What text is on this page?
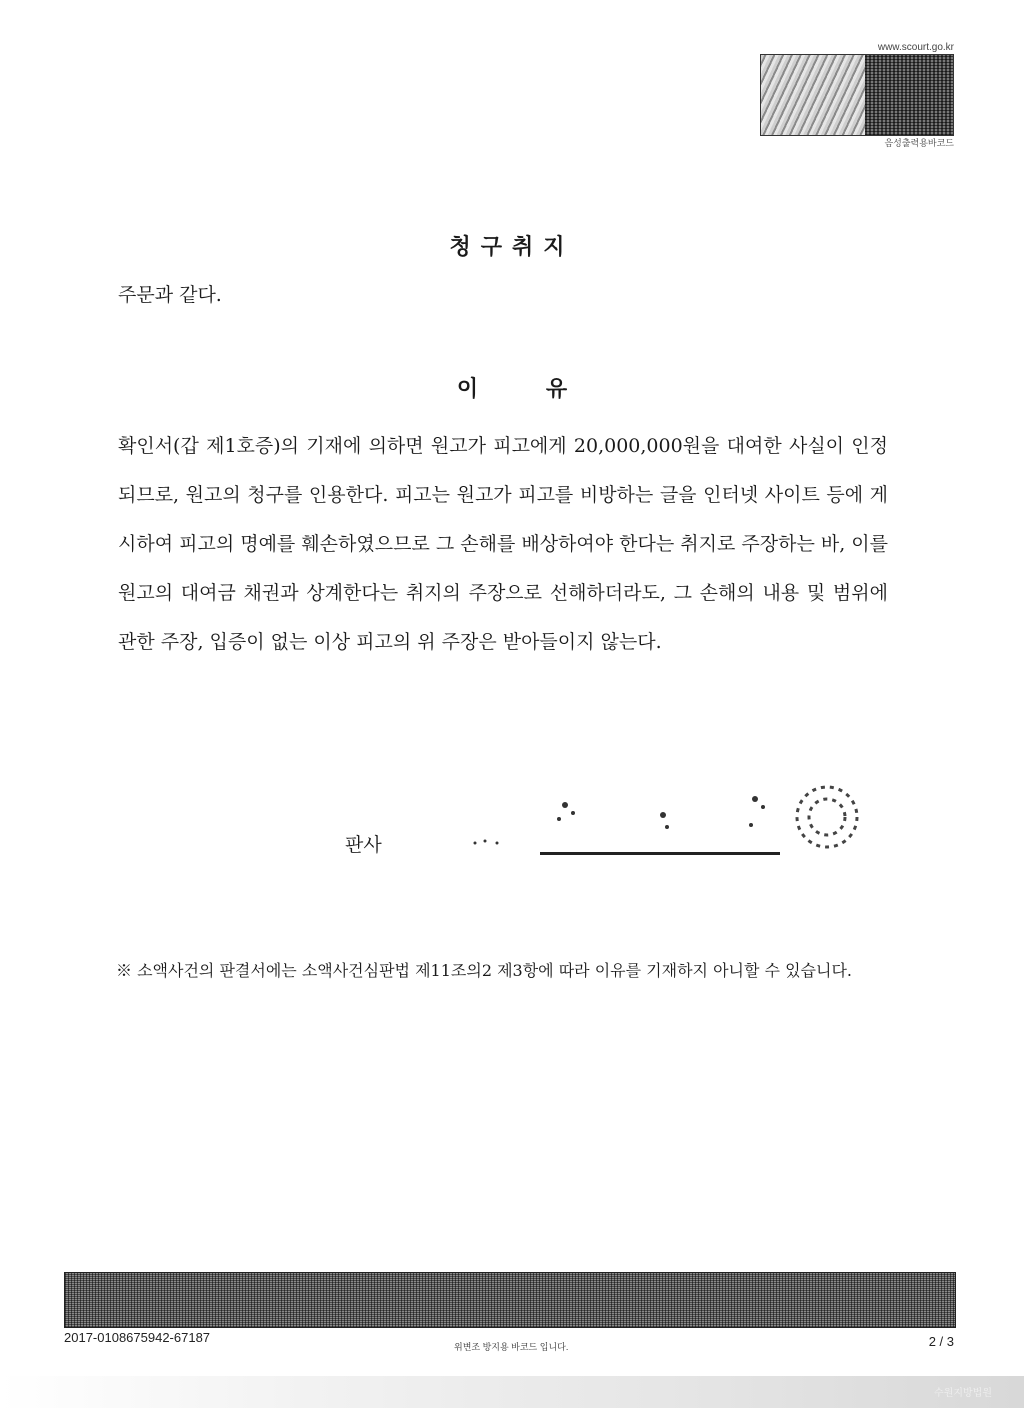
www.scourt.go.kr
음성출력용바코드
청구취지
주문과 같다.
이 유
확인서(갑 제1호증)의 기재에 의하면 원고가 피고에게 20,000,000원을 대여한 사실이 인정되므로, 원고의 청구를 인용한다. 피고는 원고가 피고를 비방하는 글을 인터넷 사이트 등에 게시하여 피고의 명예를 훼손하였으므로 그 손해를 배상하여야 한다는 취지로 주장하는 바, 이를 원고의 대여금 채권과 상계한다는 취지의 주장으로 선해하더라도, 그 손해의 내용 및 범위에 관한 주장, 입증이 없는 이상 피고의 위 주장은 받아들이지 않는다.
판사
※ 소액사건의 판결서에는 소액사건심판법 제11조의2 제3항에 따라 이유를 기재하지 아니할 수 있습니다.
2017-0108675942-67187
위변조 방지용 바코드 입니다.	2 / 3
수원지방법원
